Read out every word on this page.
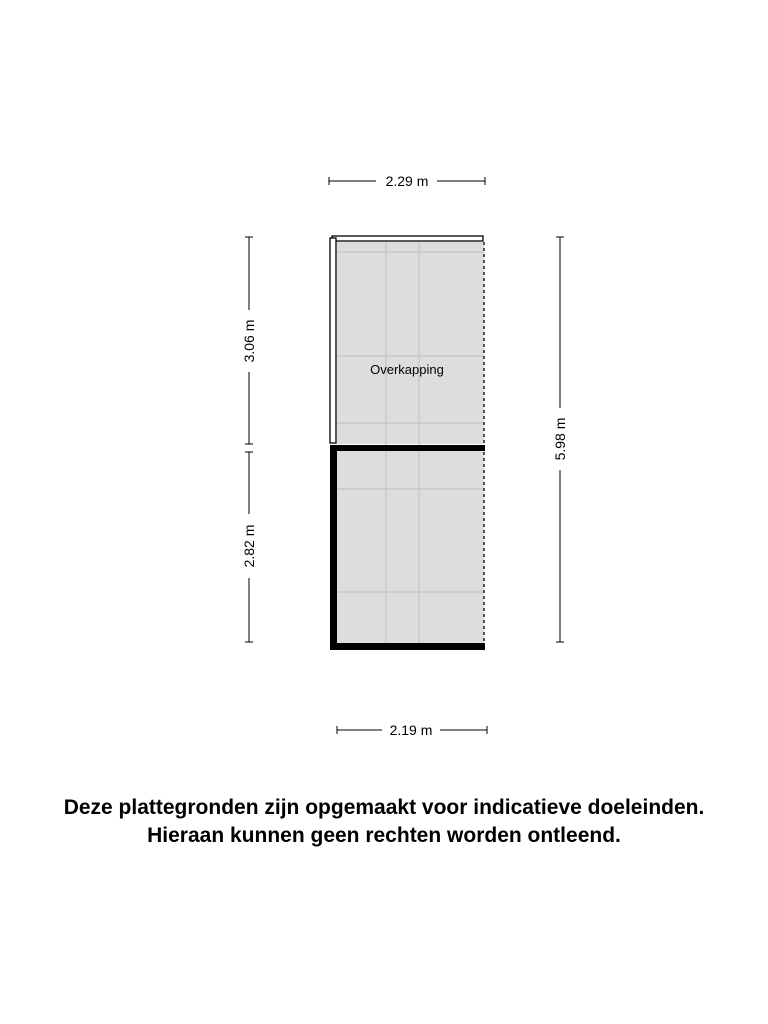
Overkapping
2.29 m
2.19 m
3.06 m
2.82 m
5.98 m
Deze plattegronden zijn opgemaakt voor indicatieve doeleinden.
Hieraan kunnen geen rechten worden ontleend.
